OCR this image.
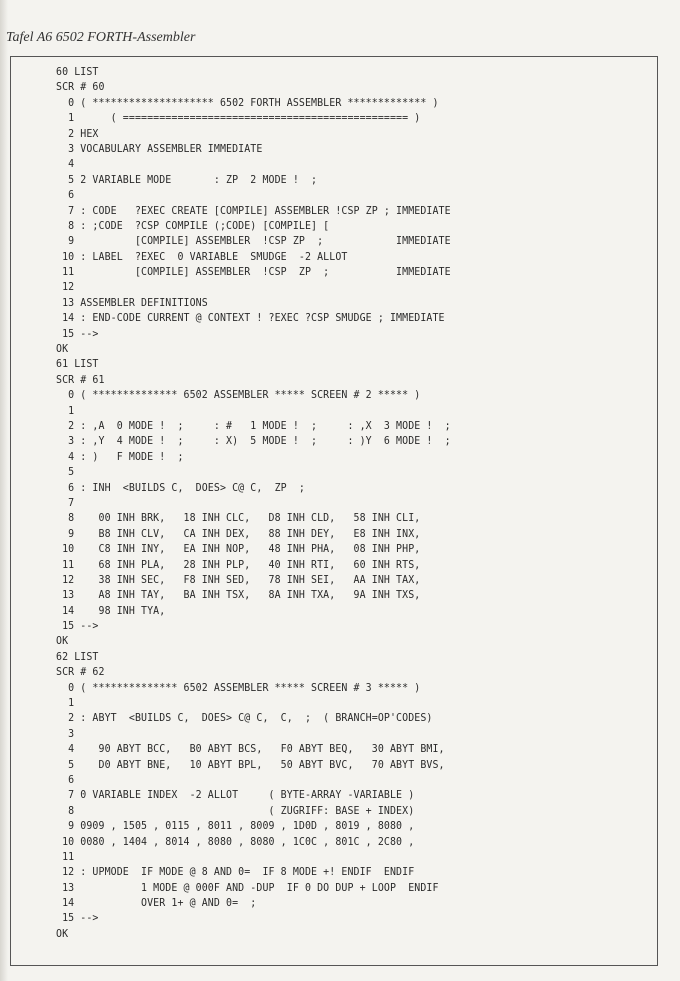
Tafel A6 6502 FORTH-Assembler
60 LIST
SCR # 60
0 ( ******************** 6502 FORTH ASSEMBLER ************* )
1      ( =============================================== )
2 HEX
3 VOCABULARY ASSEMBLER IMMEDIATE
4
5 2 VARIABLE MODE       : ZP  2 MODE !  ;
6
7 : CODE   ?EXEC CREATE [COMPILE] ASSEMBLER !CSP ZP ; IMMEDIATE
8 : ;CODE  ?CSP COMPILE (;CODE) [COMPILE] [
9          [COMPILE] ASSEMBLER  !CSP ZP  ;            IMMEDIATE
10 : LABEL  ?EXEC  0 VARIABLE  SMUDGE  -2 ALLOT
11          [COMPILE] ASSEMBLER  !CSP  ZP  ;           IMMEDIATE
12
13 ASSEMBLER DEFINITIONS
14 : END-CODE CURRENT @ CONTEXT ! ?EXEC ?CSP SMUDGE ; IMMEDIATE
15 -->
OK
61 LIST
SCR # 61
0 ( ************** 6502 ASSEMBLER ***** SCREEN # 2 ***** )
1
2 : ,A  0 MODE !  ;     : #   1 MODE !  ;     : ,X  3 MODE !  ;
3 : ,Y  4 MODE !  ;     : X)  5 MODE !  ;     : )Y  6 MODE !  ;
4 : )   F MODE !  ;
5
6 : INH  <BUILDS C,  DOES> C@ C,  ZP  ;
7
8    00 INH BRK,   18 INH CLC,   D8 INH CLD,   58 INH CLI,
9    B8 INH CLV,   CA INH DEX,   88 INH DEY,   E8 INH INX,
10    C8 INH INY,   EA INH NOP,   48 INH PHA,   08 INH PHP,
11    68 INH PLA,   28 INH PLP,   40 INH RTI,   60 INH RTS,
12    38 INH SEC,   F8 INH SED,   78 INH SEI,   AA INH TAX,
13    A8 INH TAY,   BA INH TSX,   8A INH TXA,   9A INH TXS,
14    98 INH TYA,
15 -->
OK
62 LIST
SCR # 62
0 ( ************** 6502 ASSEMBLER ***** SCREEN # 3 ***** )
1
2 : ABYT  <BUILDS C,  DOES> C@ C,  C,  ;  ( BRANCH=OP'CODES)
3
4    90 ABYT BCC,   B0 ABYT BCS,   F0 ABYT BEQ,   30 ABYT BMI,
5    D0 ABYT BNE,   10 ABYT BPL,   50 ABYT BVC,   70 ABYT BVS,
6
7 0 VARIABLE INDEX  -2 ALLOT     ( BYTE-ARRAY -VARIABLE )
8                                ( ZUGRIFF: BASE + INDEX)
9 0909 , 1505 , 0115 , 8011 , 8009 , 1D0D , 8019 , 8080 ,
10 0080 , 1404 , 8014 , 8080 , 8080 , 1C0C , 801C , 2C80 ,
11
12 : UPMODE  IF MODE @ 8 AND 0=  IF 8 MODE +! ENDIF  ENDIF
13           1 MODE @ 000F AND -DUP  IF 0 DO DUP + LOOP  ENDIF
14           OVER 1+ @ AND 0=  ;
15 -->
OK
